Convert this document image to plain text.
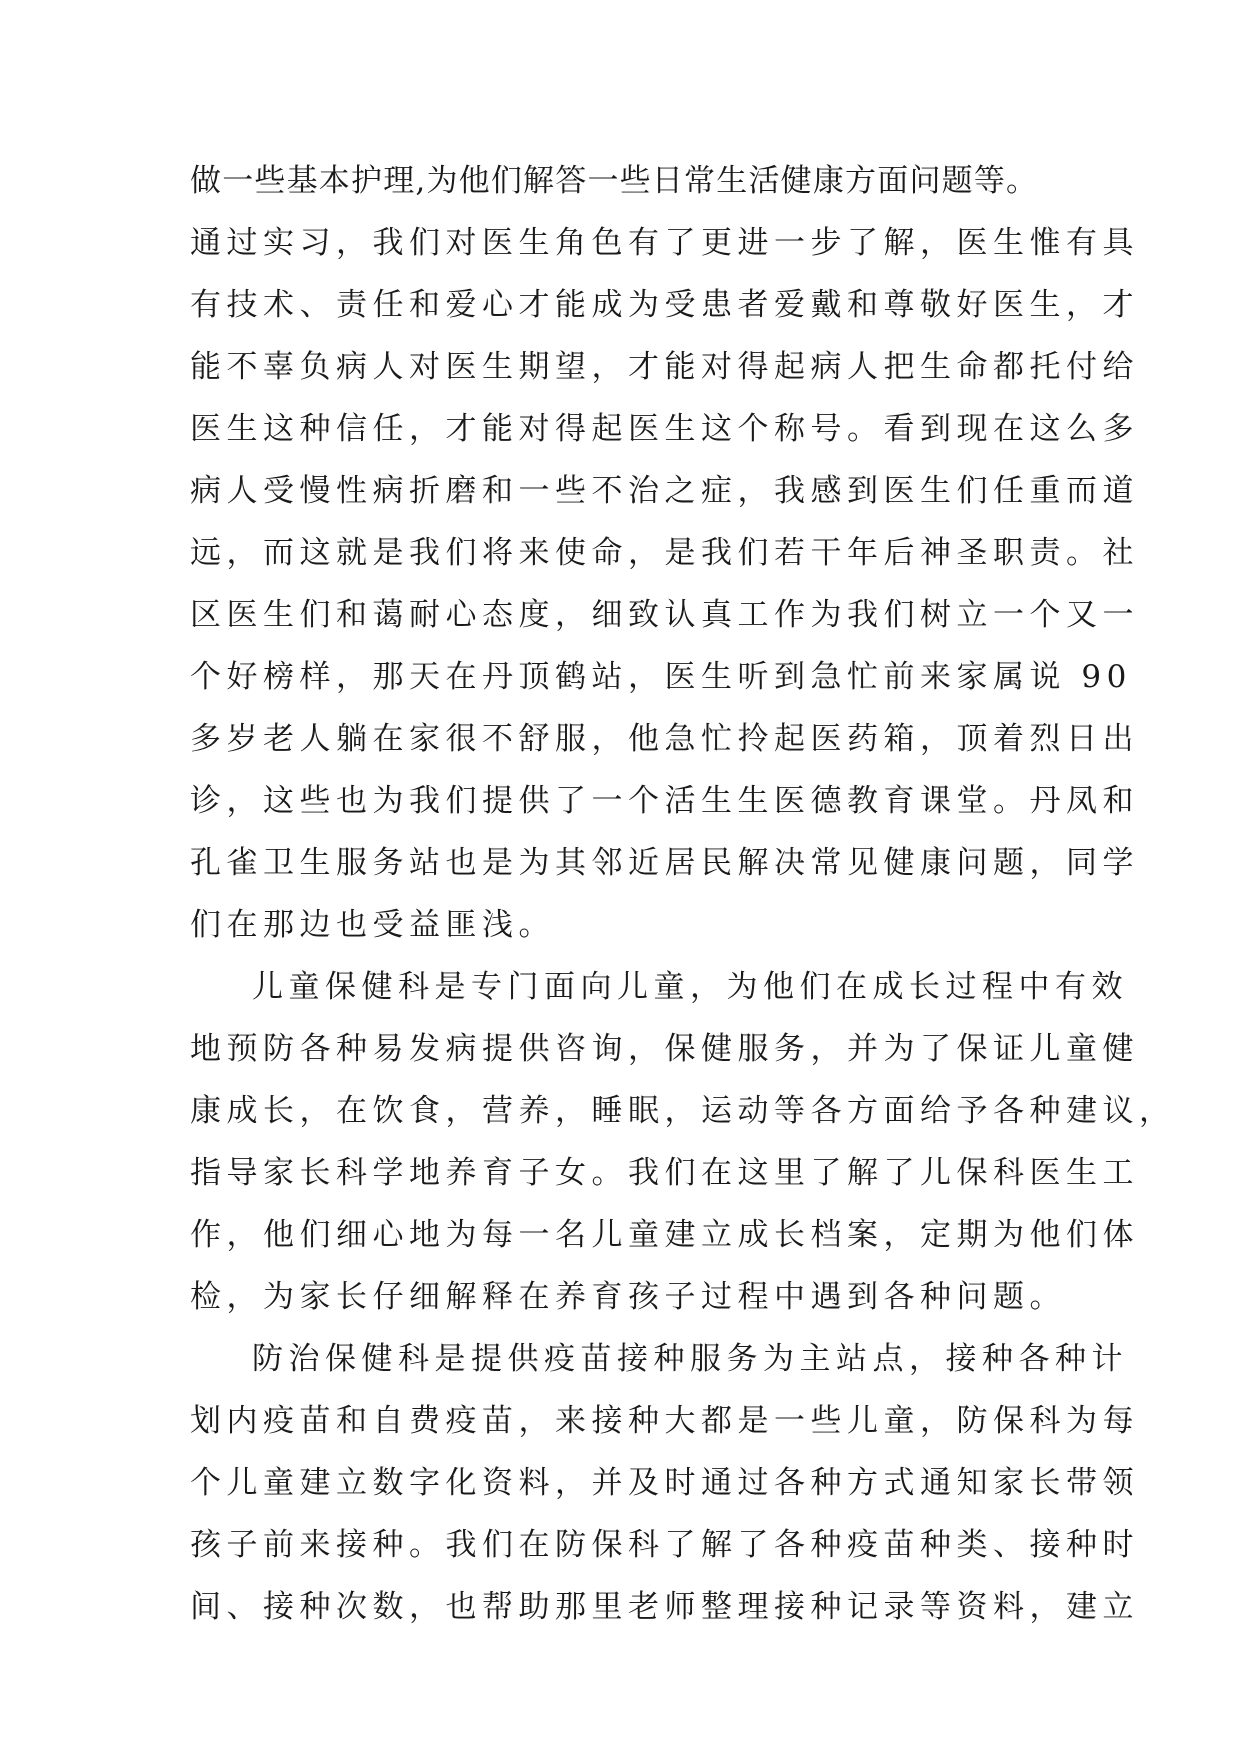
做一些基本护理,为他们解答一些日常生活健康方面问题等。
通过实习，我们对医生角色有了更进一步了解，医生惟有具
有技术、责任和爱心才能成为受患者爱戴和尊敬好医生，才
能不辜负病人对医生期望，才能对得起病人把生命都托付给
医生这种信任，才能对得起医生这个称号。看到现在这么多
病人受慢性病折磨和一些不治之症，我感到医生们任重而道
远，而这就是我们将来使命，是我们若干年后神圣职责。社
区医生们和蔼耐心态度，细致认真工作为我们树立一个又一
个好榜样，那天在丹顶鹤站，医生听到急忙前来家属说 90
多岁老人躺在家很不舒服，他急忙拎起医药箱，顶着烈日出
诊，这些也为我们提供了一个活生生医德教育课堂。丹凤和
孔雀卫生服务站也是为其邻近居民解决常见健康问题，同学
们在那边也受益匪浅。
儿童保健科是专门面向儿童，为他们在成长过程中有效
地预防各种易发病提供咨询，保健服务，并为了保证儿童健
康成长，在饮食，营养，睡眠，运动等各方面给予各种建议，
指导家长科学地养育子女。我们在这里了解了儿保科医生工
作，他们细心地为每一名儿童建立成长档案，定期为他们体
检，为家长仔细解释在养育孩子过程中遇到各种问题。
防治保健科是提供疫苗接种服务为主站点，接种各种计
划内疫苗和自费疫苗，来接种大都是一些儿童，防保科为每
个儿童建立数字化资料，并及时通过各种方式通知家长带领
孩子前来接种。我们在防保科了解了各种疫苗种类、接种时
间、接种次数，也帮助那里老师整理接种记录等资料，建立
